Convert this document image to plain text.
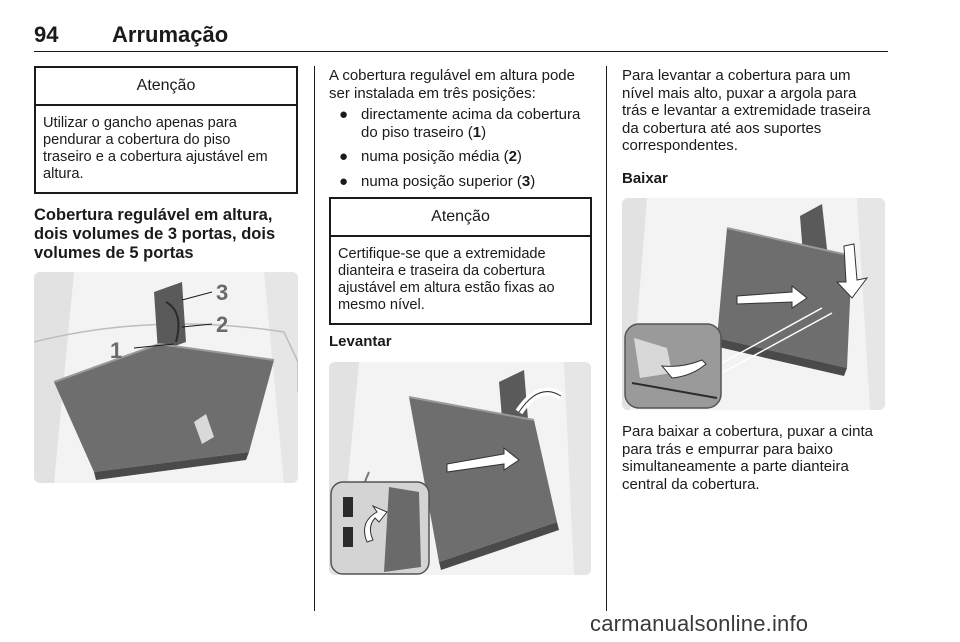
94 Arrumação
Atenção
Utilizar o gancho apenas para
pendurar a cobertura do piso
traseiro e a cobertura ajustável em
altura.
Cobertura regulável em altura,
dois volumes de 3 portas, dois
volumes de 5 portas
3
2
1
A cobertura regulável em altura pode
ser instalada em três posições:
● directamente acima da cobertura
do piso traseiro (1)
● numa posição média (2)
● numa posição superior (3)
Atenção
Certifique-se que a extremidade
dianteira e traseira da cobertura
ajustável em altura estão fixas ao
mesmo nível.
Levantar
Para levantar a cobertura para um
nível mais alto, puxar a argola para
trás e levantar a extremidade traseira
da cobertura até aos suportes
correspondentes.
Baixar
Para baixar a cobertura, puxar a cinta
para trás e empurrar para baixo
simultaneamente a parte dianteira
central da cobertura.
carmanualsonline.info
